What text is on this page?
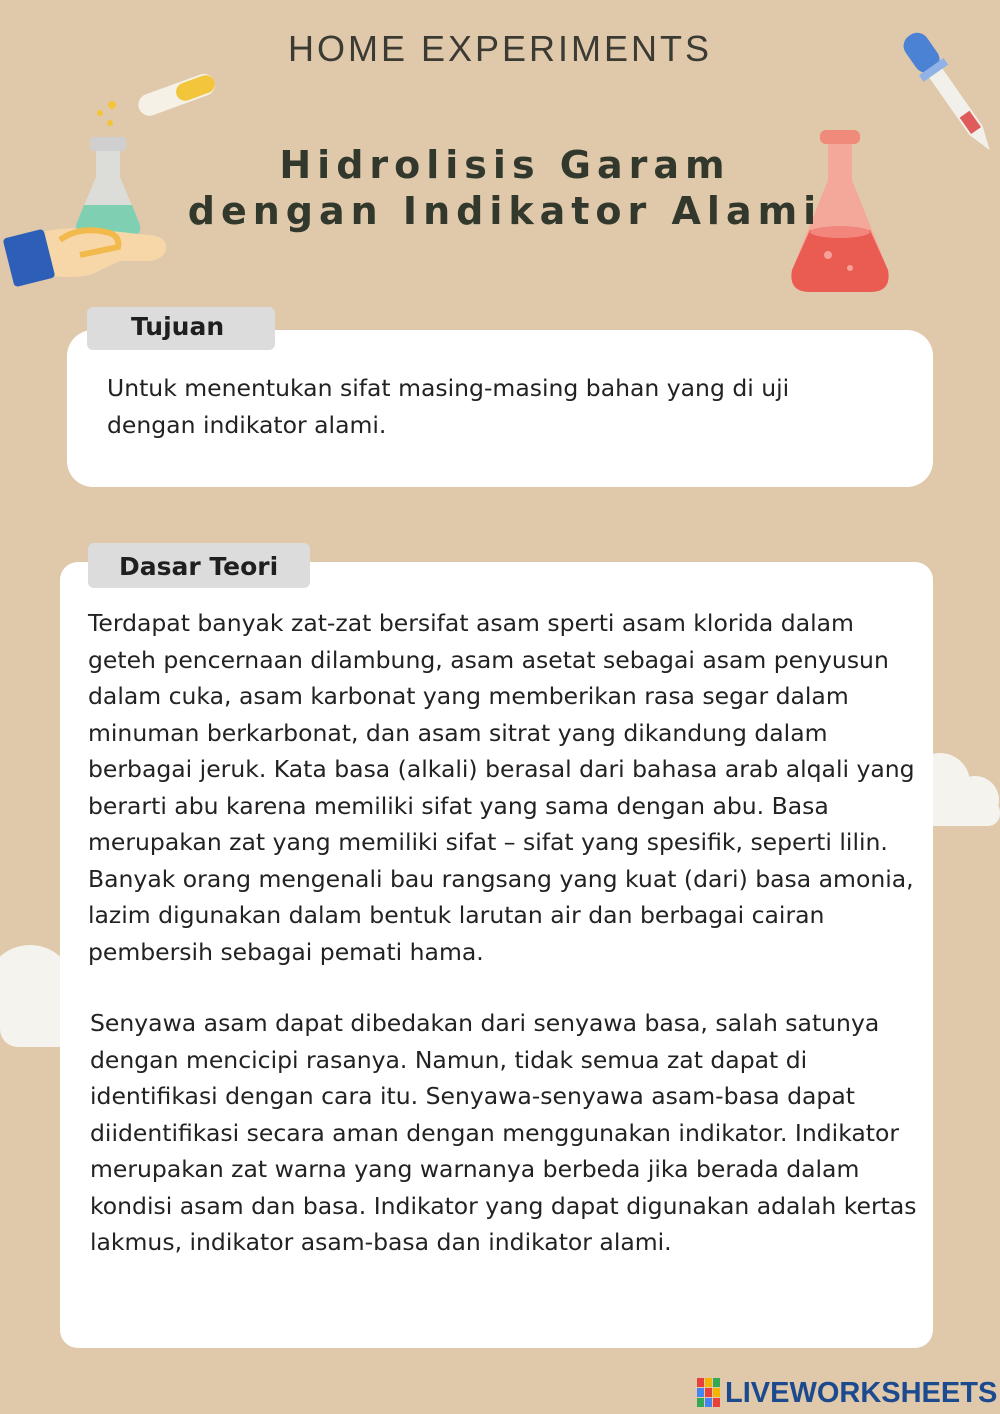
HOME EXPERIMENTS
Hidrolisis Garam
dengan Indikator Alami
Tujuan
Untuk menentukan sifat masing-masing bahan yang di uji dengan indikator alami.
Dasar Teori
Terdapat banyak zat-zat bersifat asam sperti asam klorida dalam geteh pencernaan dilambung, asam asetat sebagai asam penyusun dalam cuka, asam karbonat yang memberikan rasa segar dalam minuman berkarbonat, dan asam sitrat yang dikandung dalam berbagai jeruk. Kata basa (alkali) berasal dari bahasa arab alqali yang berarti abu karena memiliki sifat yang sama dengan abu. Basa merupakan zat yang memiliki sifat – sifat yang spesifik, seperti lilin. Banyak orang mengenali bau rangsang yang kuat (dari) basa amonia, lazim digunakan dalam bentuk larutan air dan berbagai cairan pembersih sebagai pemati hama.
Senyawa asam dapat dibedakan dari senyawa basa, salah satunya dengan mencicipi rasanya. Namun, tidak semua zat dapat di identifikasi dengan cara itu. Senyawa-senyawa asam-basa dapat diidentifikasi secara aman dengan menggunakan indikator. Indikator merupakan zat warna yang warnanya berbeda jika berada dalam kondisi asam dan basa. Indikator yang dapat digunakan adalah kertas lakmus, indikator asam-basa dan indikator alami.
LIVEWORKSHEETS
